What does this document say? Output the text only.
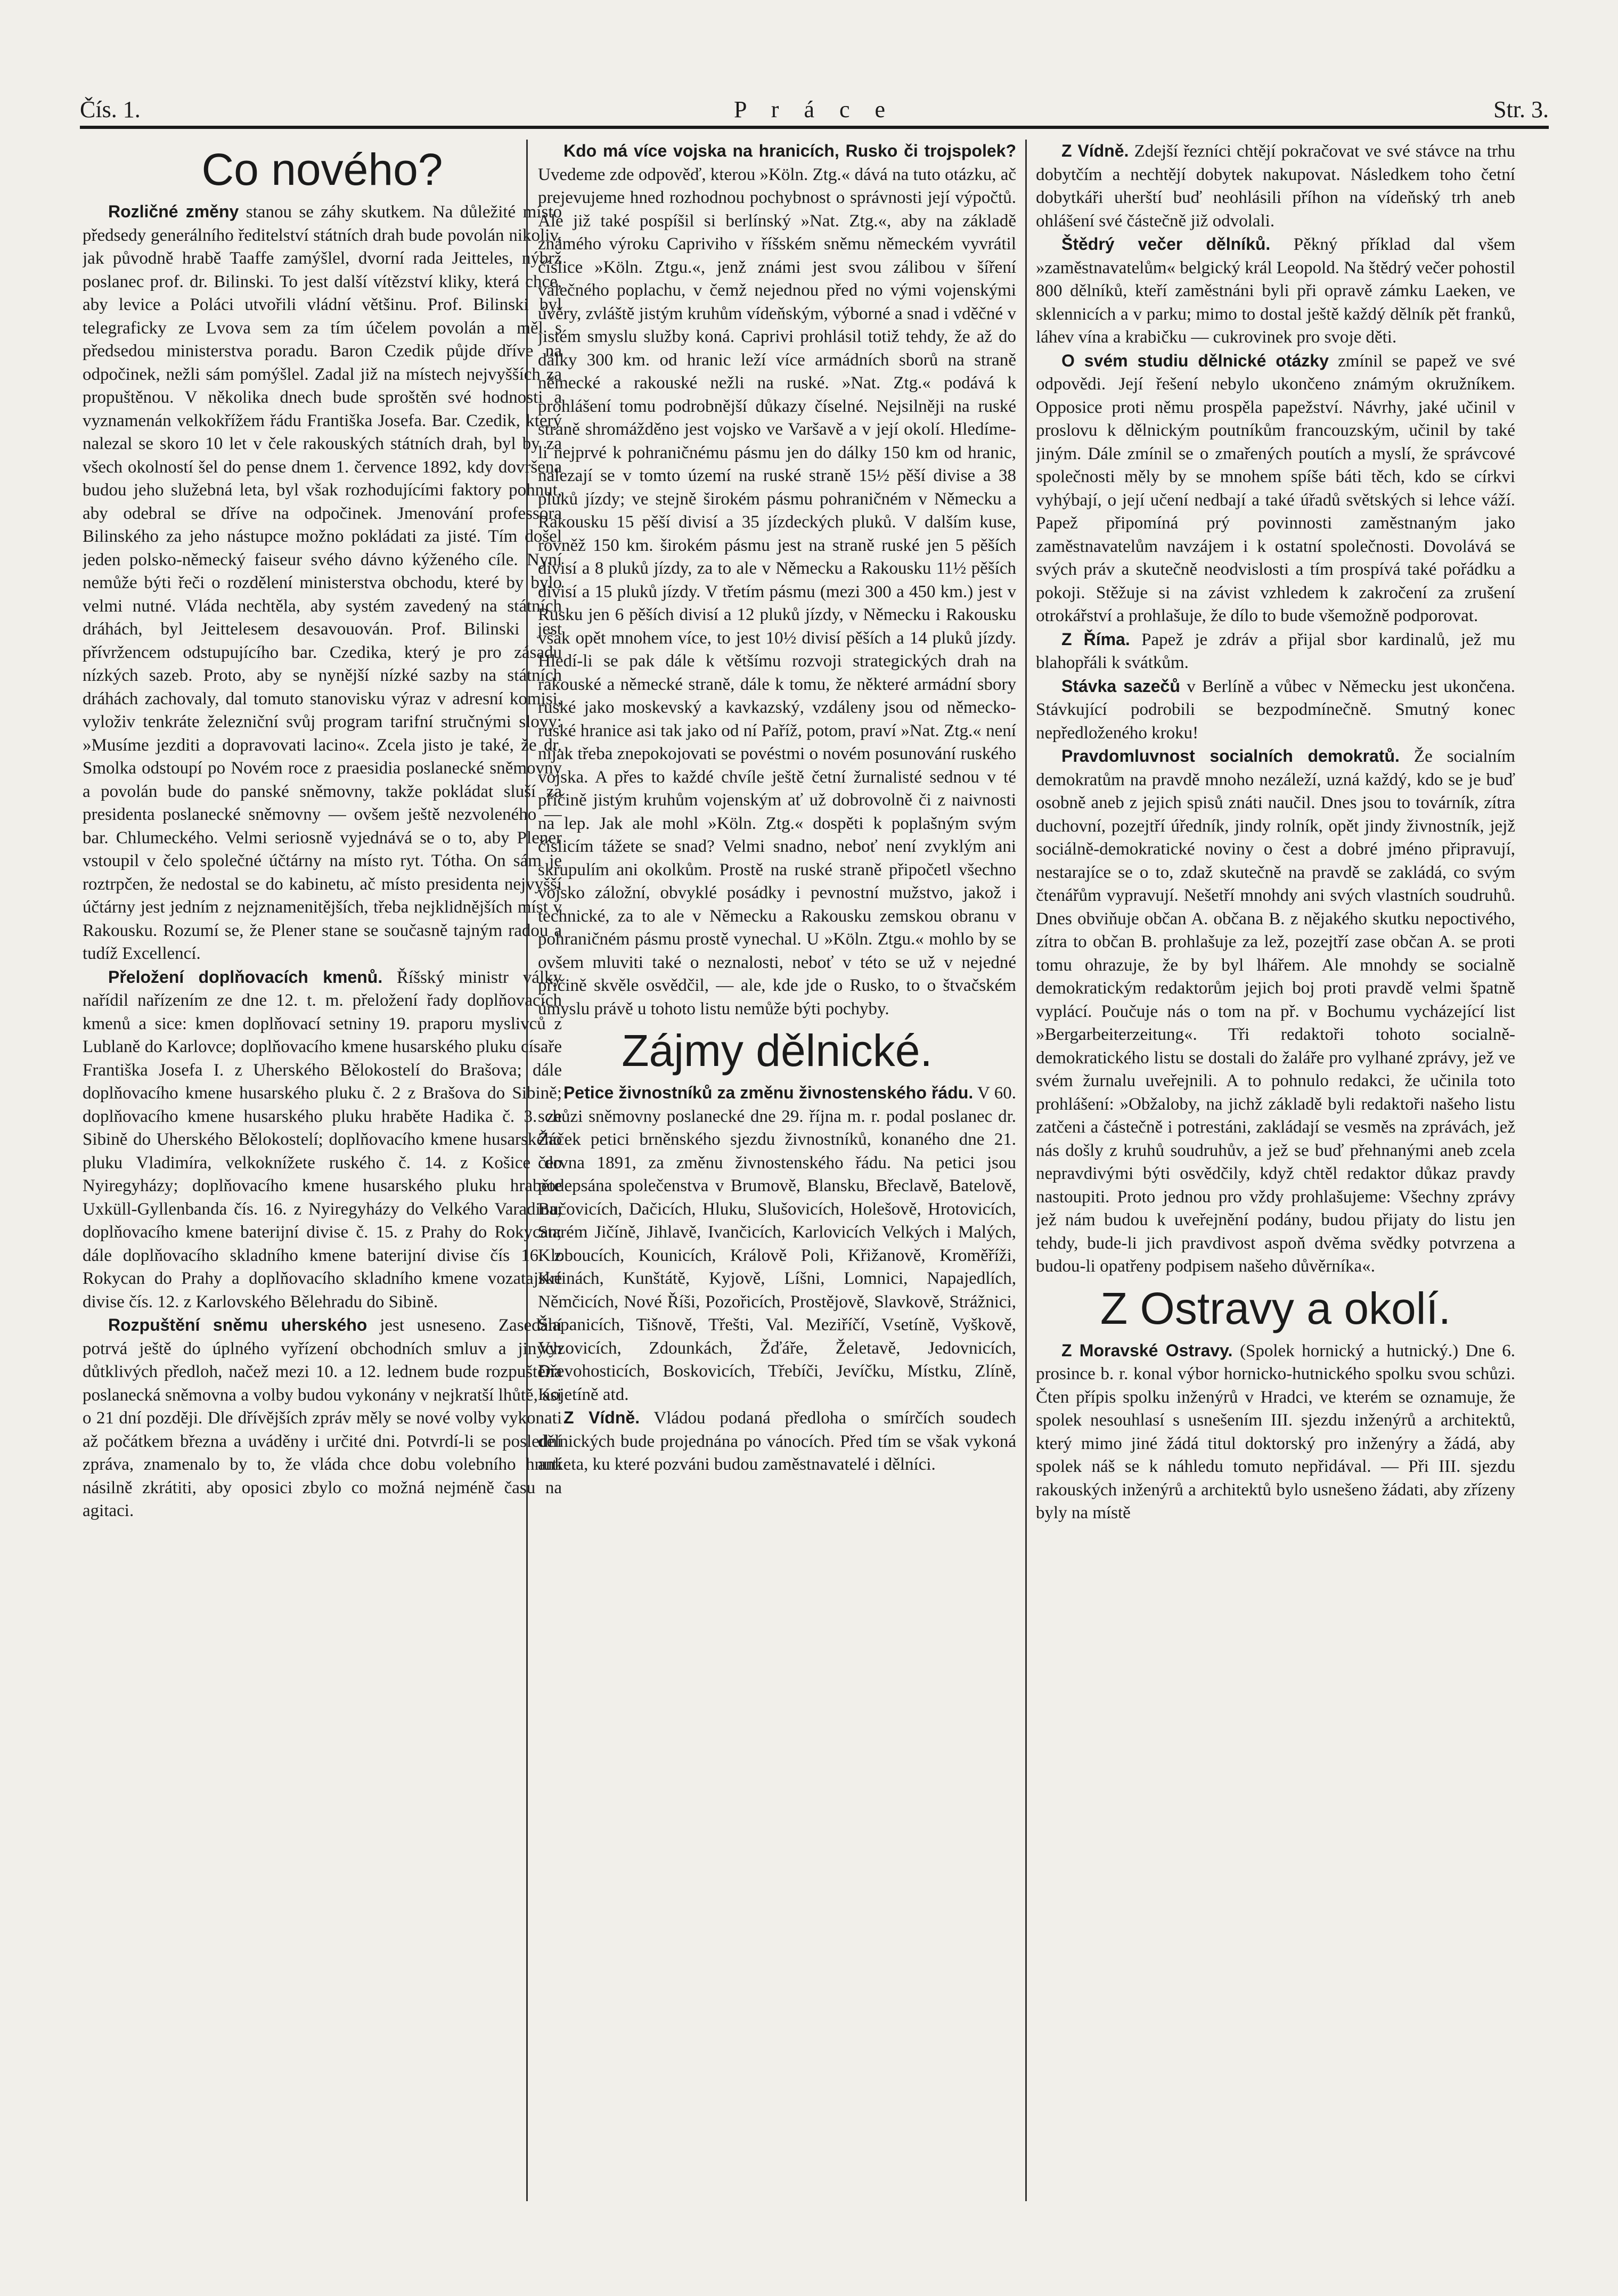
Čís. 1.	P r á c e	Str. 3.
Co nového?

Rozličné změny stanou se záhy skutkem. Na důležité místo předsedy generálního ředitelství státních drah bude povolán nikoliv, jak původně hrabě Taaffe zamýšlel, dvorní rada Jeitteles, nýbrž poslanec prof. dr. Bilinski. To jest další vítězství kliky, která chce, aby levice a Poláci utvořili vládní většinu. Prof. Bilinski byl telegraficky ze Lvova sem za tím účelem povolán a měl s předsedou ministerstva poradu. Baron Czedik půjde dříve na odpočinek, nežli sám pomýšlel. Zadal již na místech nejvyšších za propuštěnou. V několika dnech bude sproštěn své hodnosti a vyznamenán velkokřížem řádu Františka Josefa. Bar. Czedik, který nalezal se skoro 10 let v čele rakouských státních drah, byl by za všech okolností šel do pense dnem 1. července 1892, kdy dovršena budou jeho služebná leta, byl však rozhodujícími faktory pohnut, aby odebral se dříve na odpočinek. Jmenování professora Bilinského za jeho nástupce možno pokládati za jisté. Tím došel jeden polsko-německý faiseur svého dávno kýženého cíle. Nyní nemůže býti řeči o rozdělení ministerstva obchodu, které by bylo velmi nutné. Vláda nechtěla, aby systém zavedený na státních dráhách, byl Jeittelesem desavouován. Prof. Bilinski jest přívržencem odstupujícího bar. Czedika, který je pro zásadu nízkých sazeb. Proto, aby se nynější nízké sazby na státních dráhách zachovaly, dal tomuto stanovisku výraz v adresní komisi, vyloživ tenkráte železniční svůj program tarifní stručnými slovy: »Musíme jezditi a dopravovati lacino«. Zcela jisto je také, že dr. Smolka odstoupí po Novém roce z praesidia poslanecké sněmovny a povolán bude do panské sněmovny, takže pokládat sluší za presidenta poslanecké sněmovny — ovšem ještě nezvoleného — bar. Chlumeckého. Velmi seriosně vyjednává se o to, aby Plener vstoupil v čelo společné účtárny na místo ryt. Tótha. On sám je roztrpčen, že nedostal se do kabinetu, ač místo presidenta nejvyšší účtárny jest jedním z nejznamenitějších, třeba nejklidnějších míst v Rakousku. Rozumí se, že Plener stane se současně tajným radou a tudíž Excellencí.

Přeložení doplňovacích kmenů. Říšský ministr války nařídil nařízením ze dne 12. t. m. přeložení řady doplňovacích kmenů a sice: kmen doplňovací setniny 19. praporu myslivců z Lublaně do Karlovce; doplňovacího kmene husarského pluku císaře Františka Josefa I. z Uherského Bělokostelí do Brašova; dále doplňovacího kmene husarského pluku č. 2 z Brašova do Sibině; doplňovacího kmene husarského pluku hraběte Hadika č. 3. ze Sibině do Uherského Bělokostelí; doplňovacího kmene husarského pluku Vladimíra, velkoknížete ruského č. 14. z Košice do Nyiregyházy; doplňovacího kmene husarského pluku hraběte Uxküll-Gyllenbanda čís. 16. z Nyiregyházy do Velkého Varadina; doplňovacího kmene baterijní divise č. 15. z Prahy do Rokycan; dále doplňovacího skladního kmene baterijní divise čís 16. z Rokycan do Prahy a doplňovacího skladního kmene vozatajské divise čís. 12. z Karlovského Bělehradu do Sibině.

Rozpuštění sněmu uherského jest usneseno. Zasedání potrvá ještě do úplného vyřízení obchodních smluv a jiných důtklivých předloh, načež mezi 10. a 12. lednem bude rozpuštěna poslanecká sněmovna a volby budou vykonány v nejkratší lhůtě, asi o 21 dní později. Dle dřívějších zpráv měly se nové volby vykonati až počátkem března a uváděny i určité dni. Potvrdí-li se poslední zpráva, znamenalo by to, že vláda chce dobu volebního hnutí násilně zkrátiti, aby oposici zbylo co možná nejméně času na agitaci.

Kdo má více vojska na hranicích, Rusko či trojspolek? Uvedeme zde odpověď, kterou »Köln. Ztg.« dává na tuto otázku, ač prejevujeme hned rozhodnou pochybnost o správnosti její výpočtů. Ale již také pospíšil si berlínský »Nat. Ztg.«, aby na základě známého výroku Capriviho v říšském sněmu německém vyvrátil číslice »Köln. Ztgu.«, jenž známi jest svou zálibou v šíření válečného poplachu, v čemž nejednou před no vými vojenskými úvěry, zvláště jistým kruhům vídeňským, výborné a snad i vděčné v jistém smyslu služby koná. Caprivi prohlásil totiž tehdy, že až do dálky 300 km. od hranic leží více armádních sborů na straně německé a rakouské nežli na ruské. »Nat. Ztg.« podává k prohlášení tomu podrobnější důkazy číselné. Nejsilněji na ruské straně shromážděno jest vojsko ve Varšavě a v její okolí. Hledíme-li nejprvé k pohraničnému pásmu jen do dálky 150 km od hranic, nalezají se v tomto území na ruské straně 15½ pěší divise a 38 pluků jízdy; ve stejně širokém pásmu pohraničném v Německu a Rakousku 15 pěší divisí a 35 jízdeckých pluků. V dalším kuse, rovněž 150 km. širokém pásmu jest na straně ruské jen 5 pěších divisí a 8 pluků jízdy, za to ale v Německu a Rakousku 11½ pěších divisí a 15 pluků jízdy. V třetím pásmu (mezi 300 a 450 km.) jest v Rusku jen 6 pěších divisí a 12 pluků jízdy, v Německu i Rakousku však opět mnohem více, to jest 10½ divisí pěších a 14 pluků jízdy. Hledí-li se pak dále k většímu rozvoji strategických drah na rakouské a německé straně, dále k tomu, že některé armádní sbory ruské jako moskevský a kavkazský, vzdáleny jsou od německo-ruské hranice asi tak jako od ní Paříž, potom, praví »Nat. Ztg.« není nijak třeba znepokojovati se povéstmi o novém posunování ruského vojska. A přes to každé chvíle ještě četní žurnalisté sednou v té příčině jistým kruhům vojenským ať už dobrovolně či z naivnosti na lep. Jak ale mohl »Köln. Ztg.« dospěti k poplašným svým číslicím tážete se snad? Velmi snadno, neboť není zvyklým ani skrupulím ani okolkům. Prostě na ruské straně připočetl všechno vojsko záložní, obvyklé posádky i pevnostní mužstvo, jakož i technické, za to ale v Německu a Rakousku zemskou obranu v pohraničném pásmu prostě vynechal. U »Köln. Ztgu.« mohlo by se ovšem mluviti také o neznalosti, neboť v této se už v nejedné příčině skvěle osvědčil, — ale, kde jde o Rusko, to o štvačském úmyslu právě u tohoto listu nemůže býti pochyby.

Zájmy dělnické.

Petice živnostníků za změnu živnostenského řádu. V 60. schůzi sněmovny poslanecké dne 29. října m. r. podal poslanec dr. Žáček petici brněnského sjezdu živnostníků, konaného dne 21. června 1891, za změnu živnostenského řádu. Na petici jsou podepsána společenstva v Brumově, Blansku, Břeclavě, Batelově, Bučovicích, Dačicích, Hluku, Slušovicích, Holešově, Hrotovicích, Starém Jičíně, Jihlavě, Ivančicích, Karlovicích Velkých i Malých, Kloboucích, Kounicích, Králově Poli, Křižanově, Kroměříži, Krtinách, Kunštátě, Kyjově, Líšni, Lomnici, Napajedlích, Němčicích, Nové Říši, Pozořicích, Prostějově, Slavkově, Strážnici, Šlapanicích, Tišnově, Třešti, Val. Meziříčí, Vsetíně, Vyškově, Vyzovicích, Zdounkách, Žďáře, Želetavě, Jedovnicích, Dřevohosticích, Boskovicích, Třebíči, Jevíčku, Místku, Zlíně, Kojetíně atd.

Z Vídně. Vládou podaná předloha o smírčích soudech dělnických bude projednána po vánocích. Před tím se však vykoná anketa, ku které pozváni budou zaměstnavatelé i dělníci.

Z Vídně. Zdejší řezníci chtějí pokračovat ve své stávce na trhu dobytčím a nechtějí dobytek nakupovat. Následkem toho četní dobytkáři uherští buď neohlásili příhon na vídeňský trh aneb ohlášení své částečně již odvolali.

Štědrý večer dělníků. Pěkný příklad dal všem »zaměstnavatelům« belgický král Leopold. Na štědrý večer pohostil 800 dělníků, kteří zaměstnáni byli při opravě zámku Laeken, ve sklennicích a v parku; mimo to dostal ještě každý dělník pět franků, láhev vína a krabičku — cukrovinek pro svoje děti.

O svém studiu dělnické otázky zmínil se papež ve své odpovědi. Její řešení nebylo ukončeno známým okružníkem. Opposice proti němu prospěla papežství. Návrhy, jaké učinil v proslovu k dělnickým poutníkům francouzským, učinil by také jiným. Dále zmínil se o zmařených poutích a myslí, že správcové společnosti měly by se mnohem spíše báti těch, kdo se církvi vyhýbají, o její učení nedbají a také úřadů světských si lehce váží. Papež připomíná prý povinnosti zaměstnaným jako zaměstnavatelům navzájem i k ostatní společnosti. Dovolává se svých práv a skutečně neodvislosti a tím prospívá také pořádku a pokoji. Stěžuje si na závist vzhledem k zakročení za zrušení otrokářství a prohlašuje, že dílo to bude všemožně podporovat.

Z Říma. Papež je zdráv a přijal sbor kardinalů, jež mu blahopřáli k svátkům.

Stávka sazečů v Berlíně a vůbec v Německu jest ukončena. Stávkující podrobili se bezpodmínečně. Smutný konec nepředloženého kroku!

Pravdomluvnost socialních demokratů. Že socialním demokratům na pravdě mnoho nezáleží, uzná každý, kdo se je buď osobně aneb z jejich spisů znáti naučil. Dnes jsou to továrník, zítra duchovní, pozejtří úředník, jindy rolník, opět jindy živnostník, jejž sociálně-demokratické noviny o čest a dobré jméno připravují, nestarajíce se o to, zdaž skutečně na pravdě se zakládá, co svým čtenářům vypravují. Nešetří mnohdy ani svých vlastních soudruhů. Dnes obviňuje občan A. občana B. z nějakého skutku nepoctivého, zítra to občan B. prohlašuje za lež, pozejtří zase občan A. se proti tomu ohrazuje, že by byl lhářem. Ale mnohdy se socialně demokratickým redaktorům jejich boj proti pravdě velmi špatně vyplácí. Poučuje nás o tom na př. v Bochumu vycházející list »Bergarbeiterzeitung«. Tři redaktoři tohoto socialně-demokratického listu se dostali do žaláře pro vylhané zprávy, jež ve svém žurnalu uveřejnili. A to pohnulo redakci, že učinila toto prohlášení: »Obžaloby, na jichž základě byli redaktoři našeho listu zatčeni a částečně i potrestáni, zakládají se vesměs na zprávách, jež nás došly z kruhů soudruhův, a jež se buď přehnanými aneb zcela nepravdivými býti osvědčily, když chtěl redaktor důkaz pravdy nastoupiti. Proto jednou pro vždy prohlašujeme: Všechny zprávy jež nám budou k uveřejnění podány, budou přijaty do listu jen tehdy, bude-li jich pravdivost aspoň dvěma svědky potvrzena a budou-li opatřeny podpisem našeho důvěrníka«.

Z Ostravy a okolí.

Z Moravské Ostravy. (Spolek hornický a hutnický.) Dne 6. prosince b. r. konal výbor hornicko-hutnického spolku svou schůzi. Čten přípis spolku inženýrů v Hradci, ve kterém se oznamuje, že spolek nesouhlasí s usnešením III. sjezdu inženýrů a architektů, který mimo jiné žádá titul doktorský pro inženýry a žádá, aby spolek náš se k náhledu tomuto nepřidával. — Při III. sjezdu rakouských inženýrů a architektů bylo usnešeno žádati, aby zřízeny byly na místě
